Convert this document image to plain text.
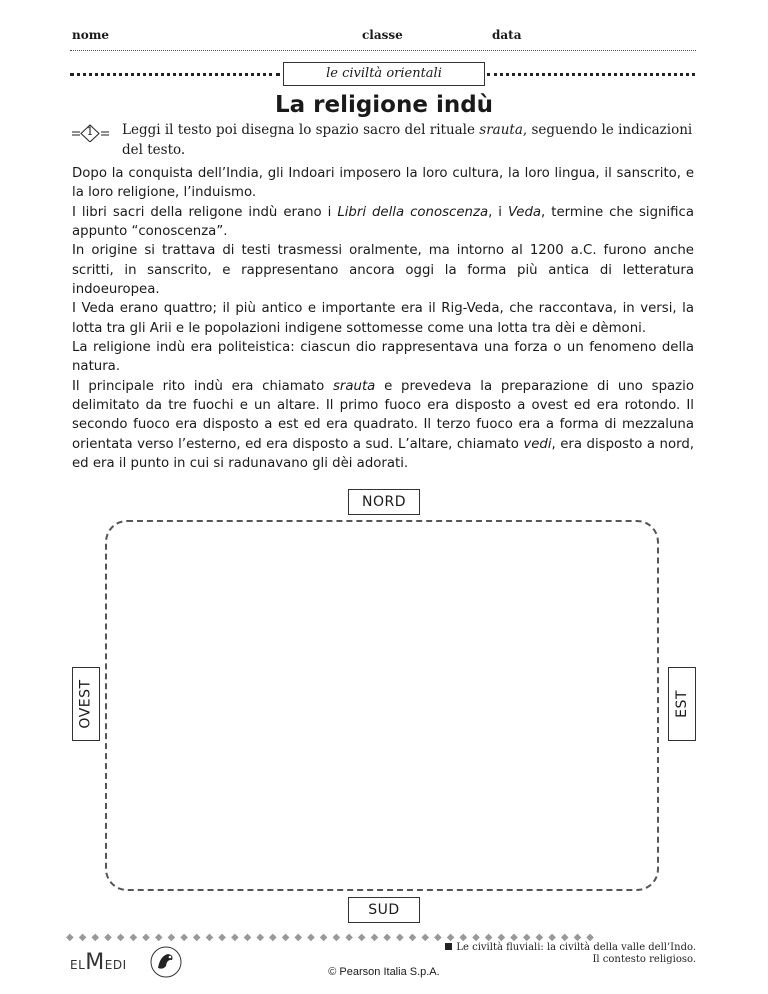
nome	classe	data
le civiltà orientali
La religione indù
1 Leggi il testo poi disegna lo spazio sacro del rituale srauta, seguendo le indicazioni del testo.

Dopo la conquista dell’India, gli Indoari imposero la loro cultura, la loro lingua, il sanscrito, e la loro religione, l’induismo.

I libri sacri della religone indù erano i Libri della conoscenza, i Veda, termine che significa appunto “conoscenza”.

In origine si trattava di testi trasmessi oralmente, ma intorno al 1200 a.C. furono anche scritti, in sanscrito, e rappresentano ancora oggi la forma più antica di letteratura indoeuropea.

I Veda erano quattro; il più antico e importante era il Rig-Veda, che raccontava, in versi, la lotta tra gli Arii e le popolazioni indigene sottomesse come una lotta tra dèi e dèmoni.

La religione indù era politeistica: ciascun dio rappresentava una forza o un fenomeno della natura.

Il principale rito indù era chiamato srauta e prevedeva la preparazione di uno spazio delimitato da tre fuochi e un altare. Il primo fuoco era disposto a ovest ed era rotondo. Il secondo fuoco era disposto a est ed era quadrato. Il terzo fuoco era a forma di mezzaluna orientata verso l’esterno, ed era disposto a sud. L’altare, chiamato vedi, era disposto a nord, ed era il punto in cui si radunavano gli dèi adorati.

NORD
SUD
OVEST	EST
◆◆◆◆◆◆◆◆◆◆◆◆◆◆◆◆◆◆◆◆◆◆◆◆◆◆◆◆◆◆◆◆◆◆◆◆◆◆◆◆◆◆
ELMEDI	© Pearson Italia S.p.A.
Le civiltà fluviali: la civiltà della valle dell’Indo.
Il contesto religioso.
